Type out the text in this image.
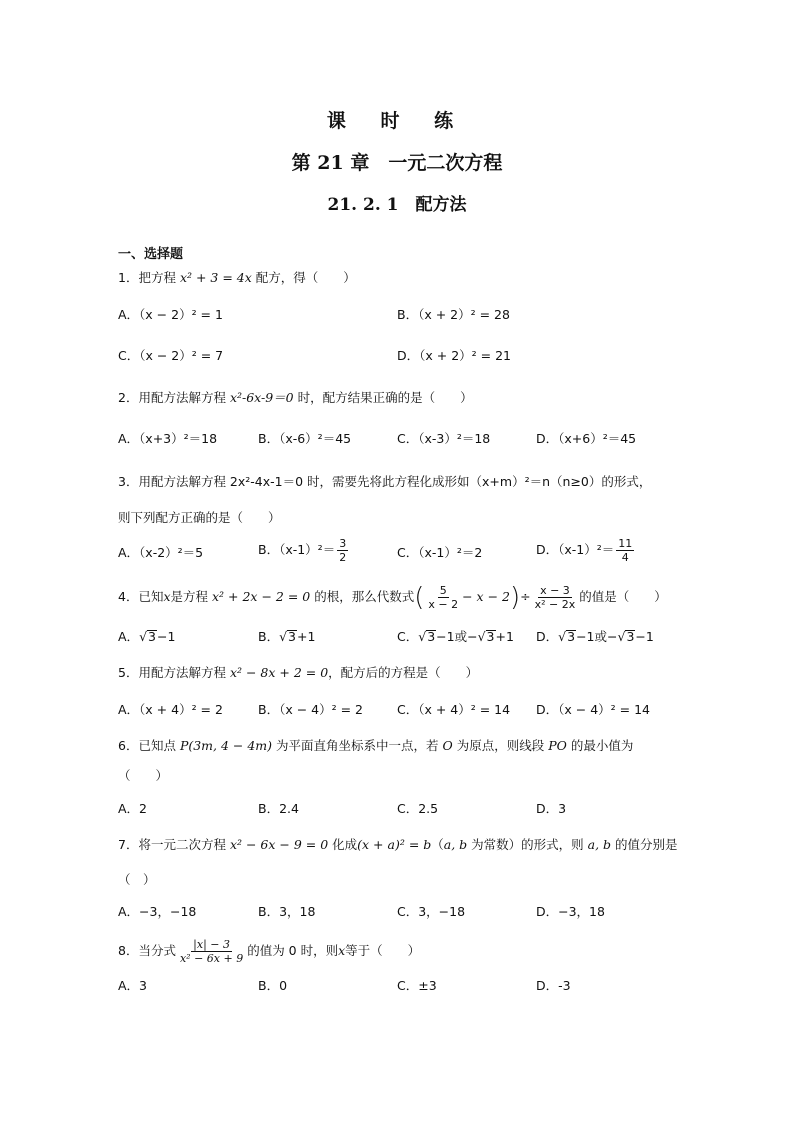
课 时 练
第 21 章　一元二次方程
21. 2. 1　配方法
一、选择题
1．把方程 x² + 3 = 4x 配方，得（　　）
A．（x − 2）² = 1	B．（x + 2）² = 28
C．（x − 2）² = 7	D．（x + 2）² = 21
2．用配方法解方程 x²-6x-9＝0 时，配方结果正确的是（　　）
A．（x+3）²＝18	B．（x-6）²＝45	C．（x-3）²＝18	D．（x+6）²＝45
3．用配方法解方程 2x²-4x-1＝0 时，需要先将此方程化成形如（x+m）²＝n（n≥0）的形式，
则下列配方正确的是（　　）
A．（x-2）²＝5	B．$(x-1)^2= \frac{3}{2}$	C．（x-1）²＝2	D．$(x-1)^2= \frac{11}{4}$
4．已知x是方程 x² + 2x − 2 = 0 的根，那么代数式( $\frac{5}{x - 2} - x - 2)\div \frac{x - 3}{\text{x² − 2x}}$ 的值是（　　）
A．√3−1	B．√3+1	C．√3−1或−√3+1 D．√3−1或−√3−1
5．用配方法解方程 x² − 8x + 2 = 0，配方后的方程是（　　）
A．（x + 4）² = 2	B．（x − 4）² = 2	C．（x + 4）² = 14 D．（x − 4）² = 14
6．已知点 P(3m, 4 − 4m) 为平面直角坐标系中一点，若 O 为原点，则线段 PO 的最小值为
（　　）
A．2	B．2.4	C．2.5	D．3
7．将一元二次方程 x² − 6x − 9 = 0 化成(x + a)² = b（a, b 为常数）的形式，则 a, b 的值分别是
（　）
A．−3，−18	B．3，18	C．3，−18	D．−3，18
8．当分式 $\frac{|x| - 3}{\text{x² − 6x + 9}}$ 的值为 0 时，则x等于（　　）
A．3	B．0	C．±3	D．-3
